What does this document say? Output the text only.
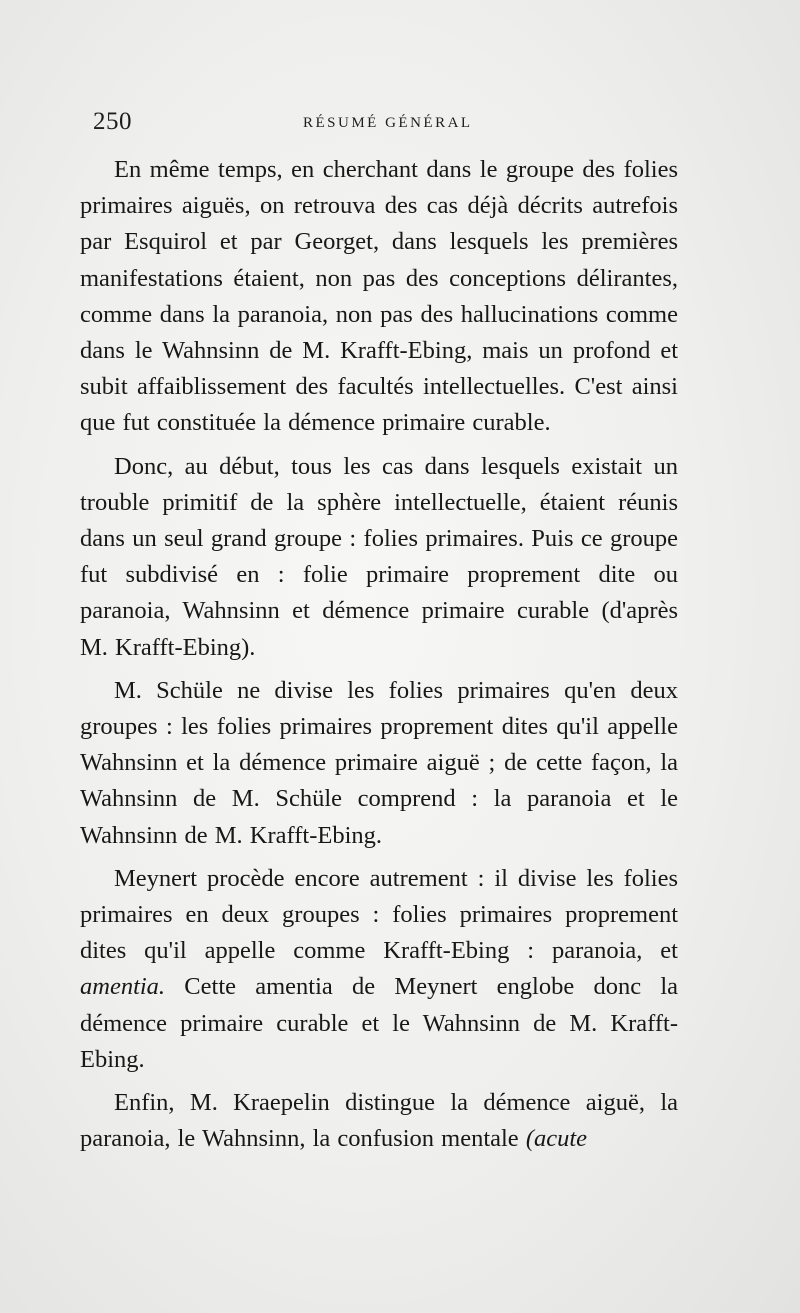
250	RÉSUMÉ GÉNÉRAL

En même temps, en cherchant dans le groupe des folies primaires aiguës, on retrouva des cas déjà décrits autrefois par Esquirol et par Georget, dans lesquels les premières manifestations étaient, non pas des conceptions délirantes, comme dans la paranoia, non pas des hallucinations comme dans le Wahnsinn de M. Krafft-Ebing, mais un profond et subit affaiblissement des facultés intellectuelles. C'est ainsi que fut constituée la démence primaire curable.

Donc, au début, tous les cas dans lesquels existait un trouble primitif de la sphère intellectuelle, étaient réunis dans un seul grand groupe : folies primaires. Puis ce groupe fut subdivisé en : folie primaire proprement dite ou paranoia, Wahnsinn et démence primaire curable (d'après M. Krafft-Ebing).

M. Schüle ne divise les folies primaires qu'en deux groupes : les folies primaires proprement dites qu'il appelle Wahnsinn et la démence primaire aiguë ; de cette façon, la Wahnsinn de M. Schüle comprend : la paranoia et le Wahnsinn de M. Krafft-Ebing.

Meynert procède encore autrement : il divise les folies primaires en deux groupes : folies primaires proprement dites qu'il appelle comme Krafft-Ebing : paranoia, et amentia. Cette amentia de Meynert englobe donc la démence primaire curable et le Wahnsinn de M. Krafft-Ebing.

Enfin, M. Kraepelin distingue la démence aiguë, la paranoia, le Wahnsinn, la confusion mentale (acute
